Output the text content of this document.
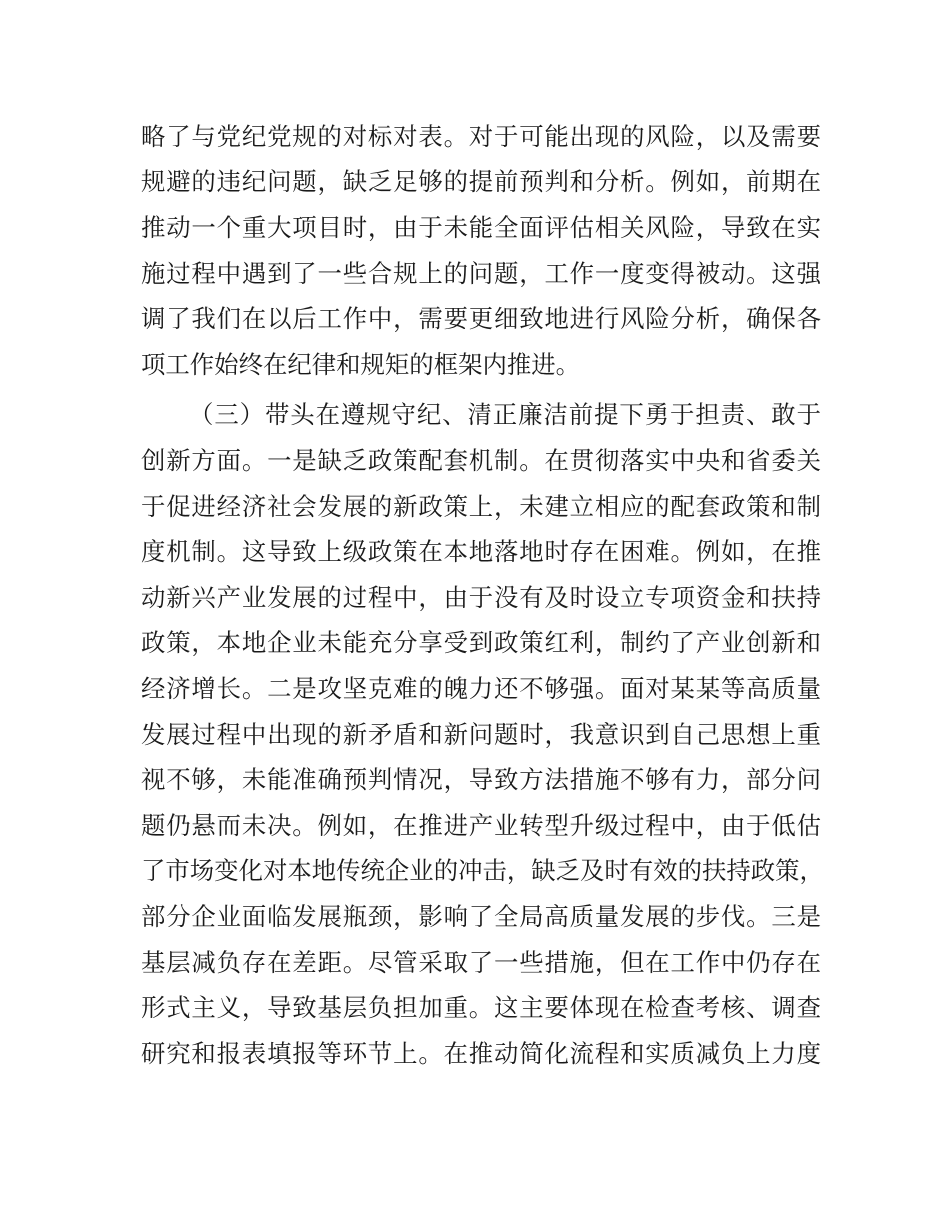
略了与党纪党规的对标对表。对于可能出现的风险，以及需要
规避的违纪问题，缺乏足够的提前预判和分析。例如，前期在
推动一个重大项目时，由于未能全面评估相关风险，导致在实
施过程中遇到了一些合规上的问题，工作一度变得被动。这强
调了我们在以后工作中，需要更细致地进行风险分析，确保各
项工作始终在纪律和规矩的框架内推进。
（三）带头在遵规守纪、清正廉洁前提下勇于担责、敢于
创新方面。一是缺乏政策配套机制。在贯彻落实中央和省委关
于促进经济社会发展的新政策上，未建立相应的配套政策和制
度机制。这导致上级政策在本地落地时存在困难。例如，在推
动新兴产业发展的过程中，由于没有及时设立专项资金和扶持
政策，本地企业未能充分享受到政策红利，制约了产业创新和
经济增长。二是攻坚克难的魄力还不够强。面对某某等高质量
发展过程中出现的新矛盾和新问题时，我意识到自己思想上重
视不够，未能准确预判情况，导致方法措施不够有力，部分问
题仍悬而未决。例如，在推进产业转型升级过程中，由于低估
了市场变化对本地传统企业的冲击，缺乏及时有效的扶持政策，
部分企业面临发展瓶颈，影响了全局高质量发展的步伐。三是
基层减负存在差距。尽管采取了一些措施，但在工作中仍存在
形式主义，导致基层负担加重。这主要体现在检查考核、调查
研究和报表填报等环节上。在推动简化流程和实质减负上力度
